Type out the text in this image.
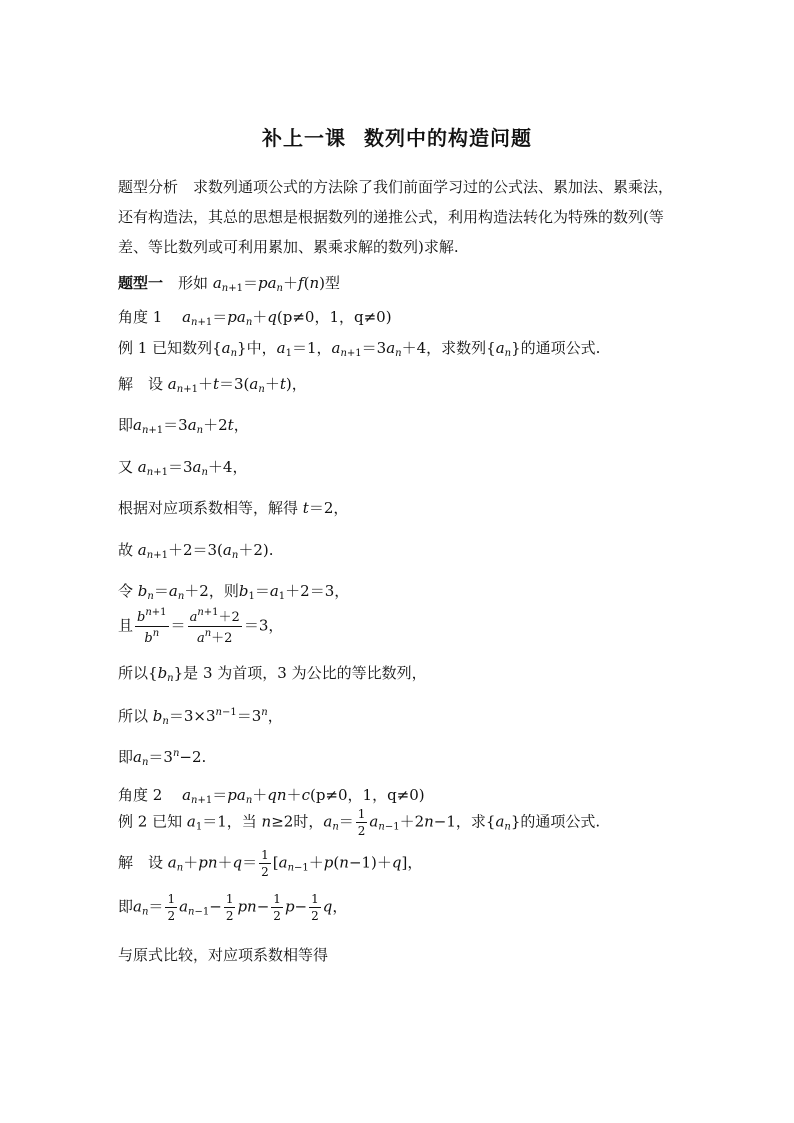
补上一课 数列中的构造问题
题型分析　 求数列通项公式的方法除了我们前面学习过的公式法、累加法、累乘法，还有构造法，其总的思想是根据数列的递推公式，利用构造法转化为特殊的数列(等差、等比数列或可利用累加、累乘求解的数列)求解.
题型一　 形如 $a_{n+1}=pa_n+f(n)$型
角度 1　 $a_{n+1}=pa_n+q(p\ne 0$，1，q≠0)
例 1 已知数列$\{a_n\}$中，$a_1=1$，$a_{n+1}=3a_n+4$，求数列$\{a_n\}$的通项公式.
解　设 $a_{n+1}+t=3(a_n+t)$，
即$a_{n+1}=3a_n+2t$，
又 $a_{n+1}=3a_n+4$，
根据对应项系数相等，解得 t＝2，
故 $a_{n+1}+2=3(a_n+2)$.
令 $b_n=a_n+2$，则$b_1=a_1+2=3$，
且 $\frac{b^{n+1}}{b^n} = \frac{a^{n+1}+2}{a^n+2} =3$，
所以$\{b_n\}$是 3 为首项，3 为公比的等比数列，
所以 $b_n=3\times 3^{n-1}=3^n$，
即$a_n=3^n-2$.
角度 2　 $a_{n+1}=pa_n+qn+c(p\ne 0$，1，q≠0)
例 2 已知 $a_1=1$，当 n≥2时，$a_n= \frac{1}{2} a_{n-1}+2n-1$，求$\{a_n\}$的通项公式.
解　设 $a_n+pn+q= \frac{1}{2} [a_{n-1}+p(n-1)+q]$，
即$a_n= \frac{1}{2} a_{n-1}- \frac{1}{2} pn- \frac{1}{2} p- \frac{1}{2}$ q，
与原式比较，对应项系数相等得
